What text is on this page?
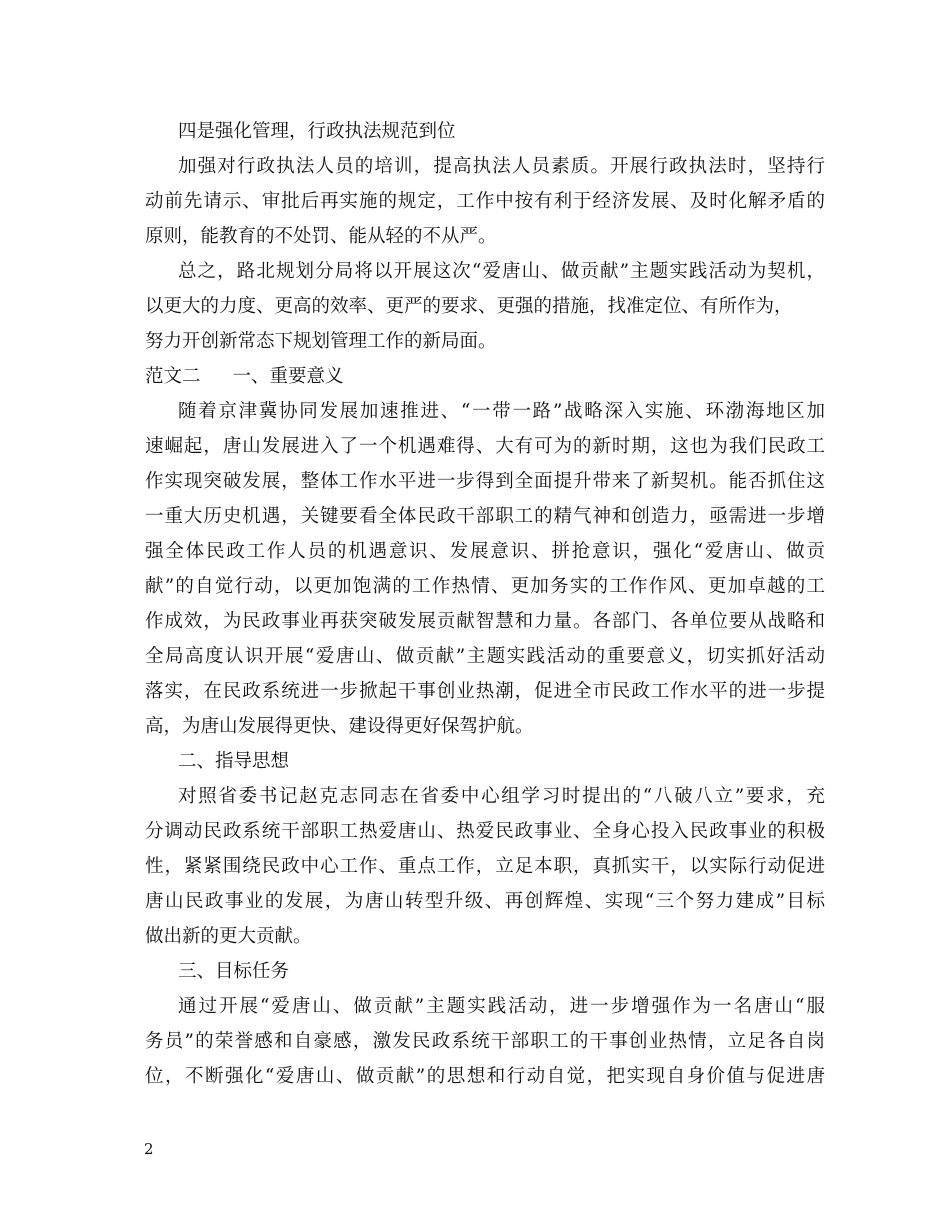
四是强化管理，行政执法规范到位
加强对行政执法人员的培训，提高执法人员素质。开展行政执法时，坚持行
动前先请示、审批后再实施的规定，工作中按有利于经济发展、及时化解矛盾的
原则，能教育的不处罚、能从轻的不从严。
总之，路北规划分局将以开展这次“爱唐山、做贡献”主题实践活动为契机，
以更大的力度、更高的效率、更严的要求、更强的措施，找准定位、有所作为，
努力开创新常态下规划管理工作的新局面。
范文二 一、重要意义
随着京津冀协同发展加速推进、“一带一路”战略深入实施、环渤海地区加
速崛起，唐山发展进入了一个机遇难得、大有可为的新时期，这也为我们民政工
作实现突破发展，整体工作水平进一步得到全面提升带来了新契机。能否抓住这
一重大历史机遇，关键要看全体民政干部职工的精气神和创造力，亟需进一步增
强全体民政工作人员的机遇意识、发展意识、拼抢意识，强化“爱唐山、做贡
献”的自觉行动，以更加饱满的工作热情、更加务实的工作作风、更加卓越的工
作成效，为民政事业再获突破发展贡献智慧和力量。各部门、各单位要从战略和
全局高度认识开展“爱唐山、做贡献”主题实践活动的重要意义，切实抓好活动
落实，在民政系统进一步掀起干事创业热潮，促进全市民政工作水平的进一步提
高，为唐山发展得更快、建设得更好保驾护航。
二、指导思想
对照省委书记赵克志同志在省委中心组学习时提出的“八破八立”要求，充
分调动民政系统干部职工热爱唐山、热爱民政事业、全身心投入民政事业的积极
性，紧紧围绕民政中心工作、重点工作，立足本职，真抓实干，以实际行动促进
唐山民政事业的发展，为唐山转型升级、再创辉煌、实现“三个努力建成”目标
做出新的更大贡献。
三、目标任务
通过开展“爱唐山、做贡献”主题实践活动，进一步增强作为一名唐山“服
务员”的荣誉感和自豪感，激发民政系统干部职工的干事创业热情，立足各自岗
位，不断强化“爱唐山、做贡献”的思想和行动自觉，把实现自身价值与促进唐
2
